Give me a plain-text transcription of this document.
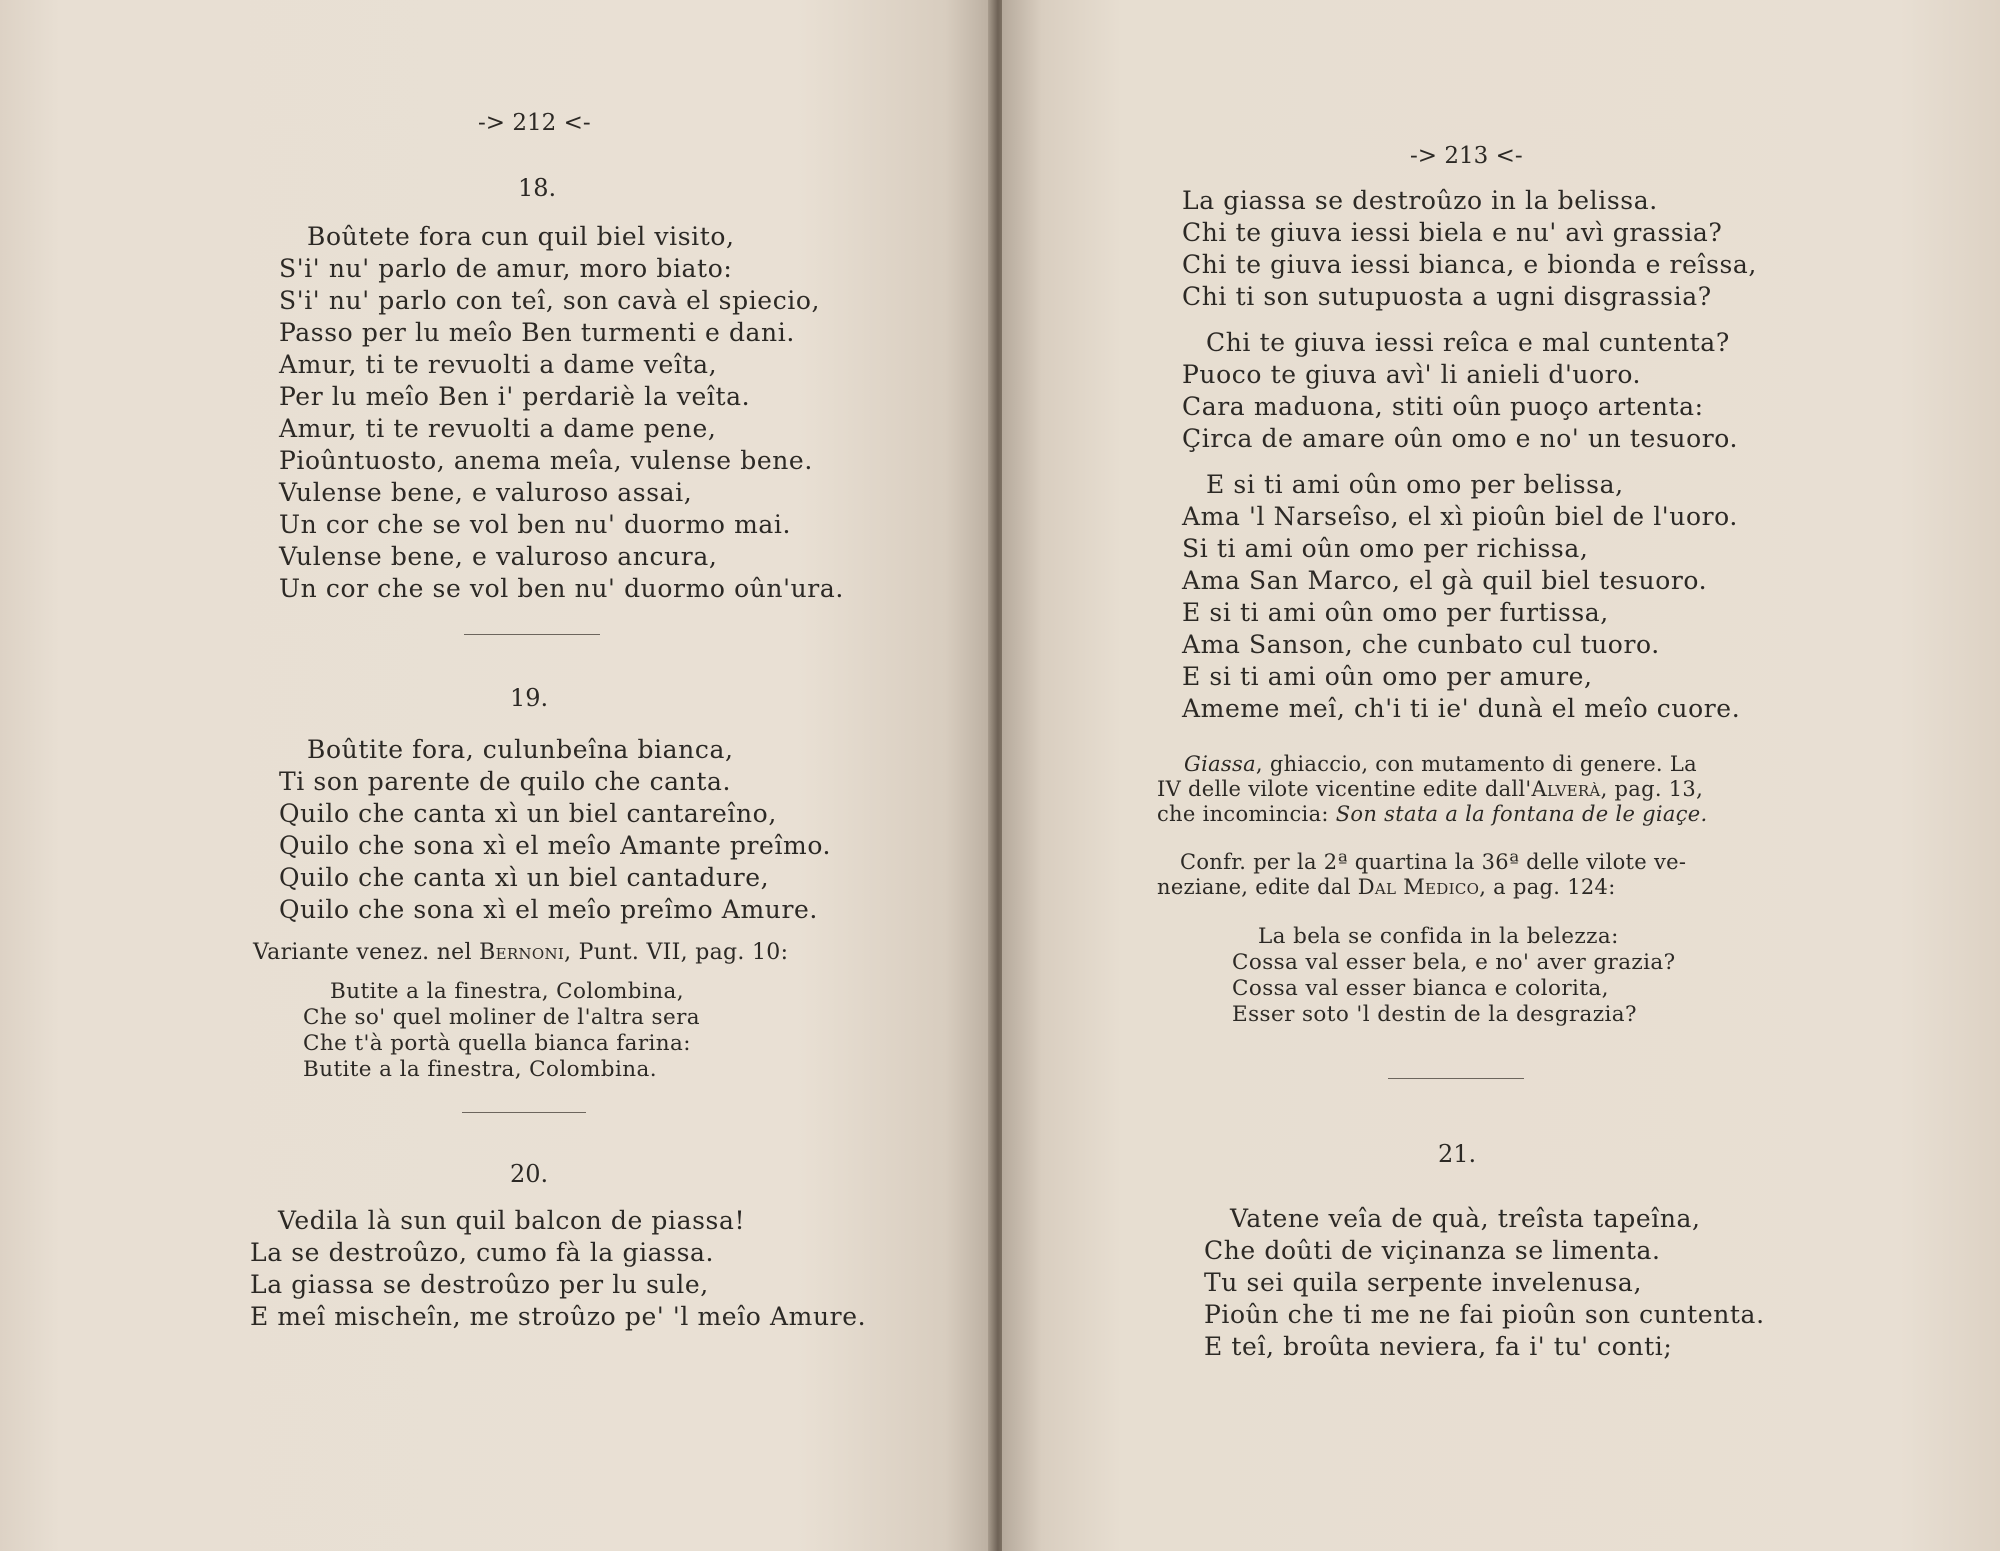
-> 212 <-
18.
Boûtete fora cun quil biel visito,
S'i' nu' parlo de amur, moro biato:
S'i' nu' parlo con teî, son cavà el spiecio,
Passo per lu meîo Ben turmenti e dani.
Amur, ti te revuolti a dame veîta,
Per lu meîo Ben i' perdariè la veîta.
Amur, ti te revuolti a dame pene,
Pioûntuosto, anema meîa, vulense bene.
Vulense bene, e valuroso assai,
Un cor che se vol ben nu' duormo mai.
Vulense bene, e valuroso ancura,
Un cor che se vol ben nu' duormo oûn'ura.
19.
Boûtite fora, culunbeîna bianca,
Ti son parente de quilo che canta.
Quilo che canta xì un biel cantareîno,
Quilo che sona xì el meîo Amante preîmo.
Quilo che canta xì un biel cantadure,
Quilo che sona xì el meîo preîmo Amure.
Variante venez. nel Bernoni, Punt. VII, pag. 10:
Butite a la finestra, Colombina,
Che so' quel moliner de l'altra sera
Che t'à portà quella bianca farina:
Butite a la finestra, Colombina.
20.
Vedila là sun quil balcon de piassa!
La se destroûzo, cumo fà la giassa.
La giassa se destroûzo per lu sule,
E meî mischeîn, me stroûzo pe' 'l meîo Amure.
-> 213 <-
La giassa se destroûzo in la belissa.
Chi te giuva iessi biela e nu' avì grassia?
Chi te giuva iessi bianca, e bionda e reîssa,
Chi ti son sutupuosta a ugni disgrassia?
Chi te giuva iessi reîca e mal cuntenta?
Puoco te giuva avì' li anieli d'uoro.
Cara maduona, stiti oûn puoço artenta:
Çirca de amare oûn omo e no' un tesuoro.
E si ti ami oûn omo per belissa,
Ama 'l Narseîso, el xì pioûn biel de l'uoro.
Si ti ami oûn omo per richissa,
Ama San Marco, el gà quil biel tesuoro.
E si ti ami oûn omo per furtissa,
Ama Sanson, che cunbato cul tuoro.
E si ti ami oûn omo per amure,
Ameme meî, ch'i ti ie' dunà el meîo cuore.
Giassa, ghiaccio, con mutamento di genere. La
IV delle vilote vicentine edite dall'Alverà, pag. 13,
che incomincia: Son stata a la fontana de le giaçe.
Confr. per la 2ª quartina la 36ª delle vilote ve-
neziane, edite dal Dal Medico, a pag. 124:
La bela se confida in la belezza:
Cossa val esser bela, e no' aver grazia?
Cossa val esser bianca e colorita,
Esser soto 'l destin de la desgrazia?
21.
Vatene veîa de quà, treîsta tapeîna,
Che doûti de viçinanza se limenta.
Tu sei quila serpente invelenusa,
Pioûn che ti me ne fai pioûn son cuntenta.
E teî, broûta neviera, fa i' tu' conti;
